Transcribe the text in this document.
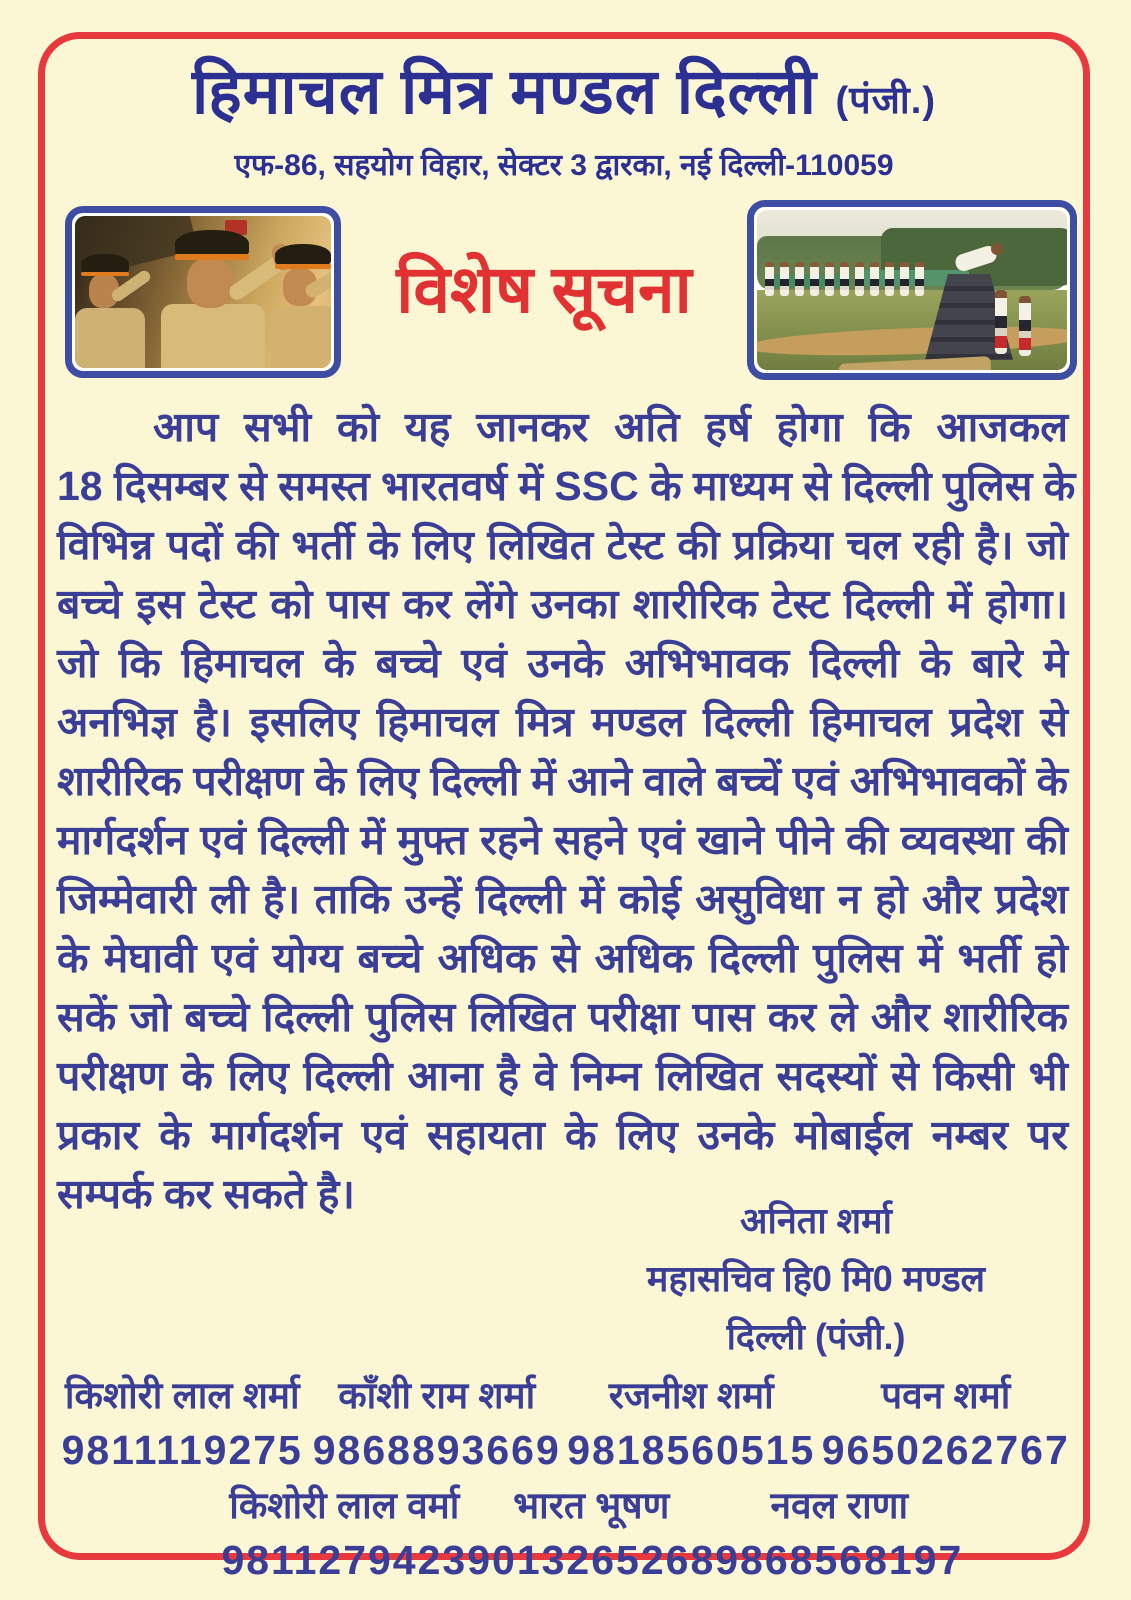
हिमाचल मित्र मण्डल दिल्ली (पंजी.)
एफ-86, सहयोग विहार, सेक्टर 3 द्वारका, नई दिल्ली-110059
विशेष सूचना
आप सभी को यह जानकर अति हर्ष होगा कि आजकल
18 दिसम्बर से समस्त भारतवर्ष में SSC के माध्यम से दिल्ली पुलिस के
विभिन्न पदों की भर्ती के लिए लिखित टेस्ट की प्रक्रिया चल रही है। जो
बच्चे इस टेस्ट को पास कर लेंगे उनका शारीरिक टेस्ट दिल्ली में होगा।
जो कि हिमाचल के बच्चे एवं उनके अभिभावक दिल्ली के बारे मे
अनभिज्ञ है। इसलिए हिमाचल मित्र मण्डल दिल्ली हिमाचल प्रदेश से
शारीरिक परीक्षण के लिए दिल्ली में आने वाले बच्चें एवं अभिभावकों के
मार्गदर्शन एवं दिल्ली में मुफ्त रहने सहने एवं खाने पीने की व्यवस्था की
जिम्मेवारी ली है। ताकि उन्हें दिल्ली में कोई असुविधा न हो और प्रदेश
के मेघावी एवं योग्य बच्चे अधिक से अधिक दिल्ली पुलिस में भर्ती हो
सकें जो बच्चे दिल्ली पुलिस लिखित परीक्षा पास कर ले और शारीरिक
परीक्षण के लिए दिल्ली आना है वे निम्न लिखित सदस्यों से किसी भी
प्रकार के मार्गदर्शन एवं सहायता के लिए उनके मोबाईल नम्बर पर
सम्पर्क कर सकते है।
अनिता शर्मा
महासचिव हि0 मि0 मण्डल
दिल्ली (पंजी.)
किशोरी लाल शर्मा
9811119275
काँशी राम शर्मा
9868893669
रजनीश शर्मा
9818560515
पवन शर्मा
9650262767
किशोरी लाल वर्मा
9811279423
भारत भूषण
9013265268
नवल राणा
9868568197
